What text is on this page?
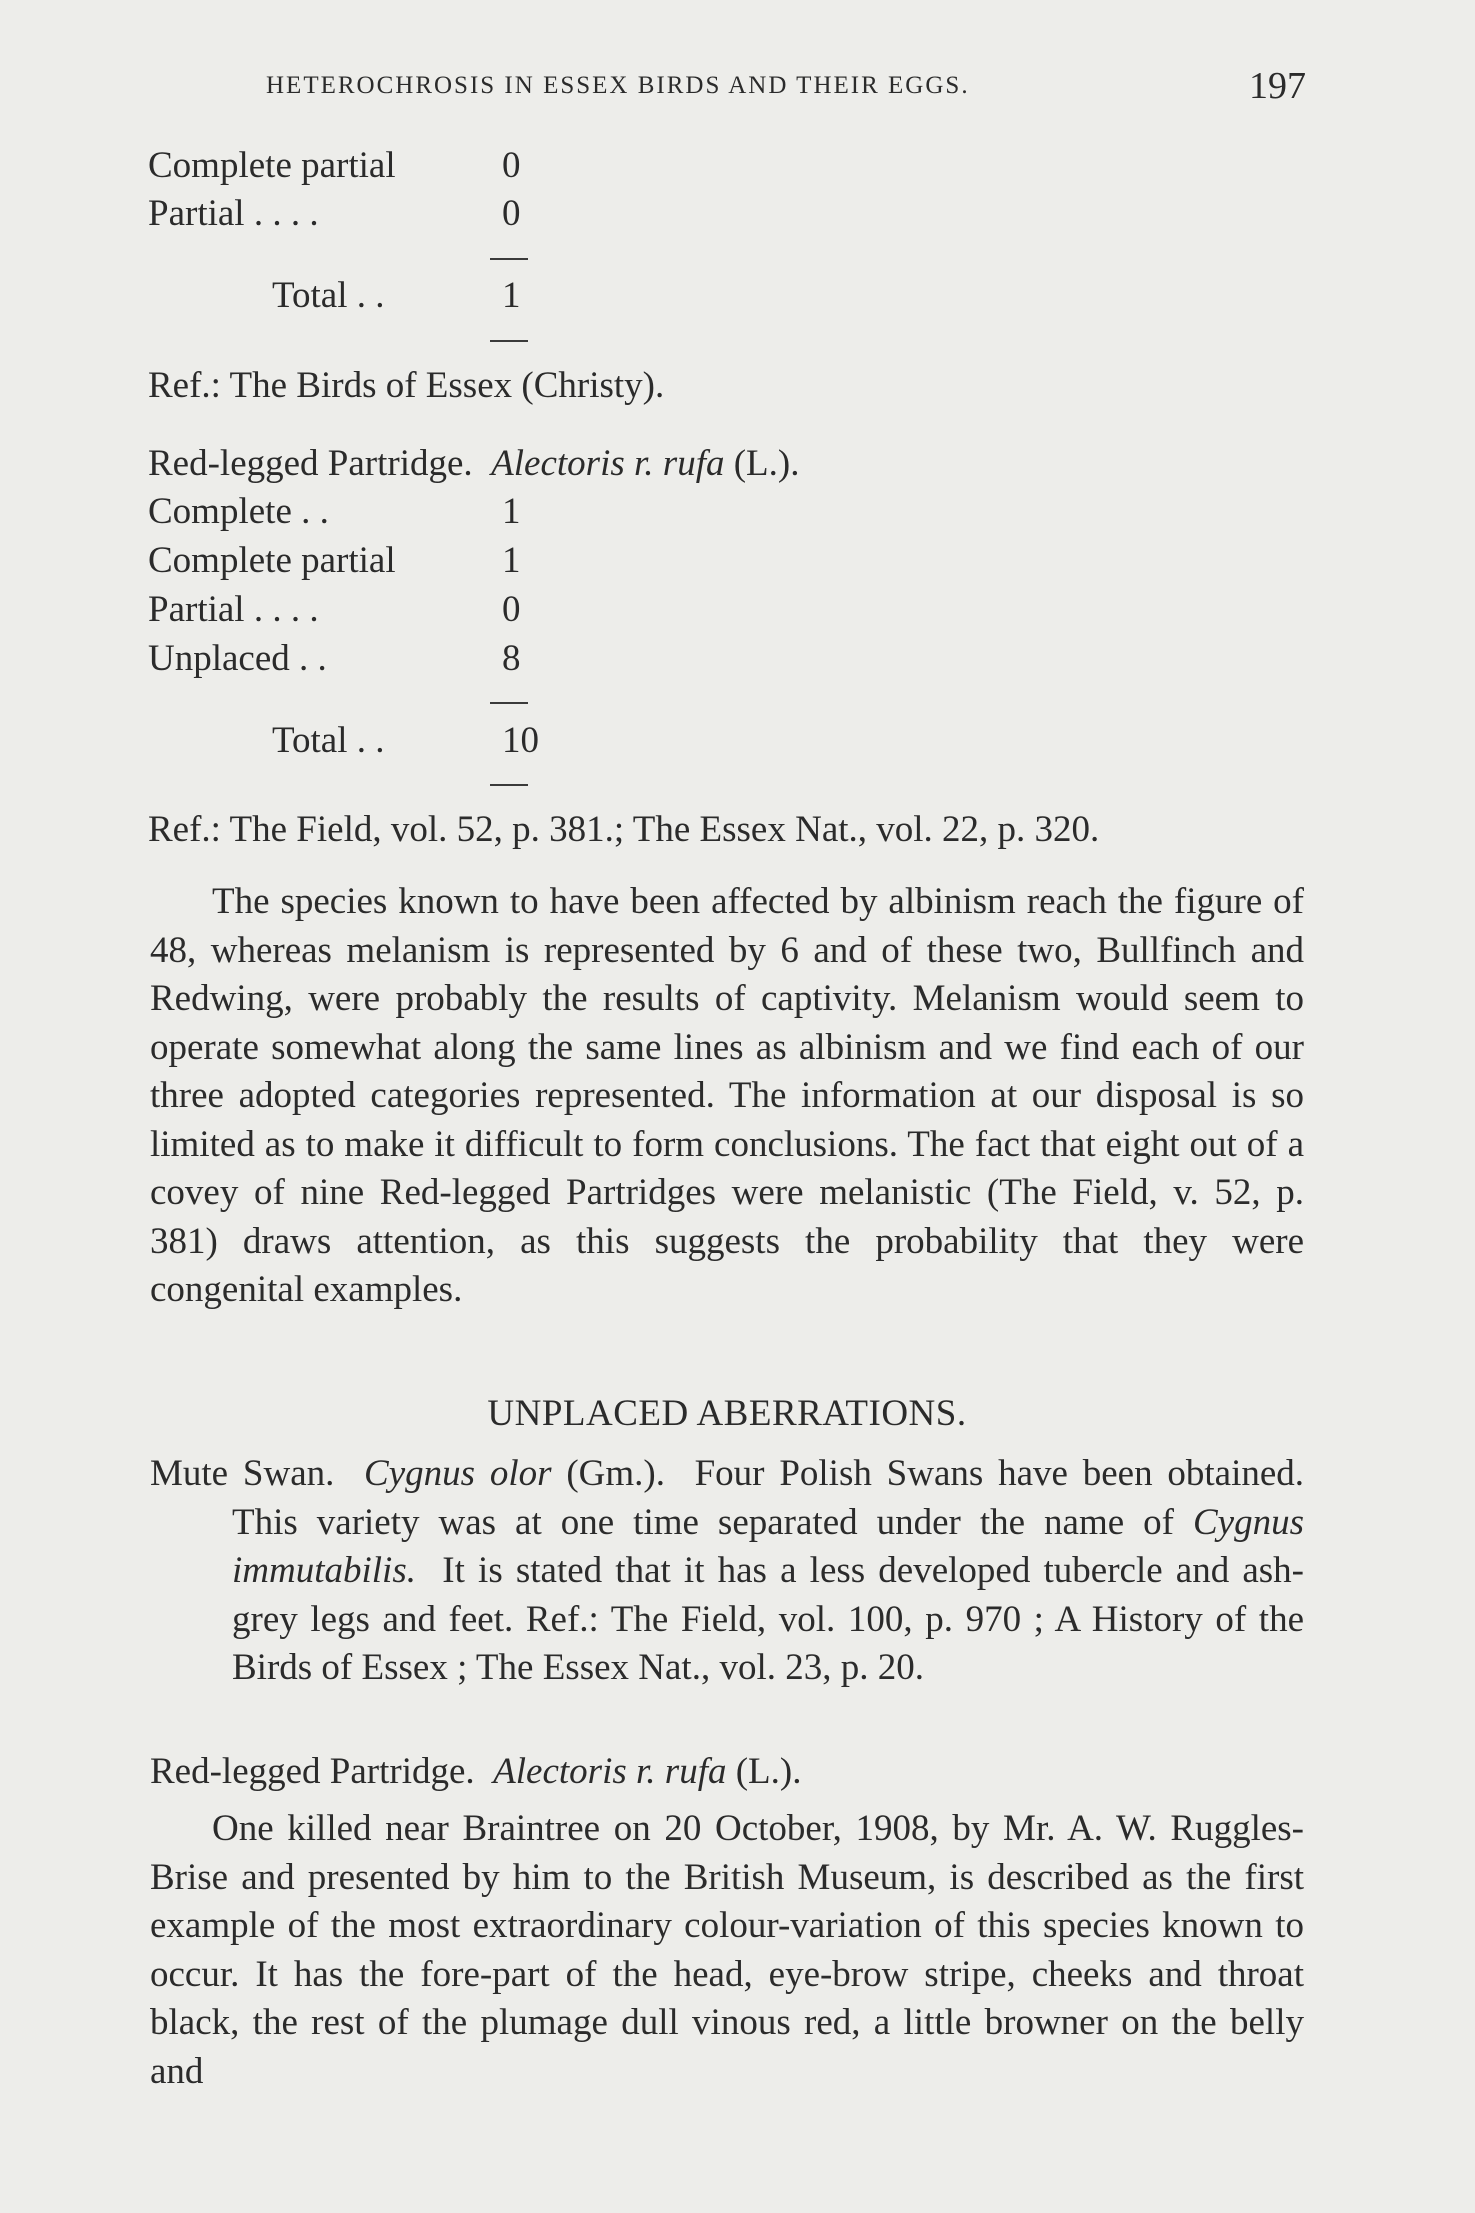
HETEROCHROSIS IN ESSEX BIRDS AND THEIR EGGS.	197
Complete partial	0
Partial . . . .	0
Total . .	1
Ref.: The Birds of Essex (Christy).
Red-legged Partridge. Alectoris r. rufa (L.).
Complete . .	1
Complete partial	1
Partial . . . .	0
Unplaced . .	8
Total . .	10
Ref.: The Field, vol. 52, p. 381.; The Essex Nat., vol. 22, p. 320.

The species known to have been affected by albinism reach the figure of 48, whereas melanism is represented by 6 and of these two, Bullfinch and Redwing, were probably the results of captivity. Melanism would seem to operate somewhat along the same lines as albinism and we find each of our three adopted categories represented. The information at our disposal is so limited as to make it difficult to form conclusions. The fact that eight out of a covey of nine Red-legged Partridges were melanistic (The Field, v. 52, p. 381) draws attention, as this suggests the probability that they were congenital examples.

UNPLACED ABERRATIONS.
Mute Swan. Cygnus olor (Gm.). Four Polish Swans have been obtained. This variety was at one time separated under the name of Cygnus immutabilis. It is stated that it has a less developed tubercle and ash-grey legs and feet. Ref.: The Field, vol. 100, p. 970 ; A History of the Birds of Essex ; The Essex Nat., vol. 23, p. 20.
Red-legged Partridge. Alectoris r. rufa (L.).

One killed near Braintree on 20 October, 1908, by Mr. A. W. Ruggles-Brise and presented by him to the British Museum, is described as the first example of the most extraordinary colour-variation of this species known to occur. It has the fore-part of the head, eye-brow stripe, cheeks and throat black, the rest of the plumage dull vinous red, a little browner on the belly and
